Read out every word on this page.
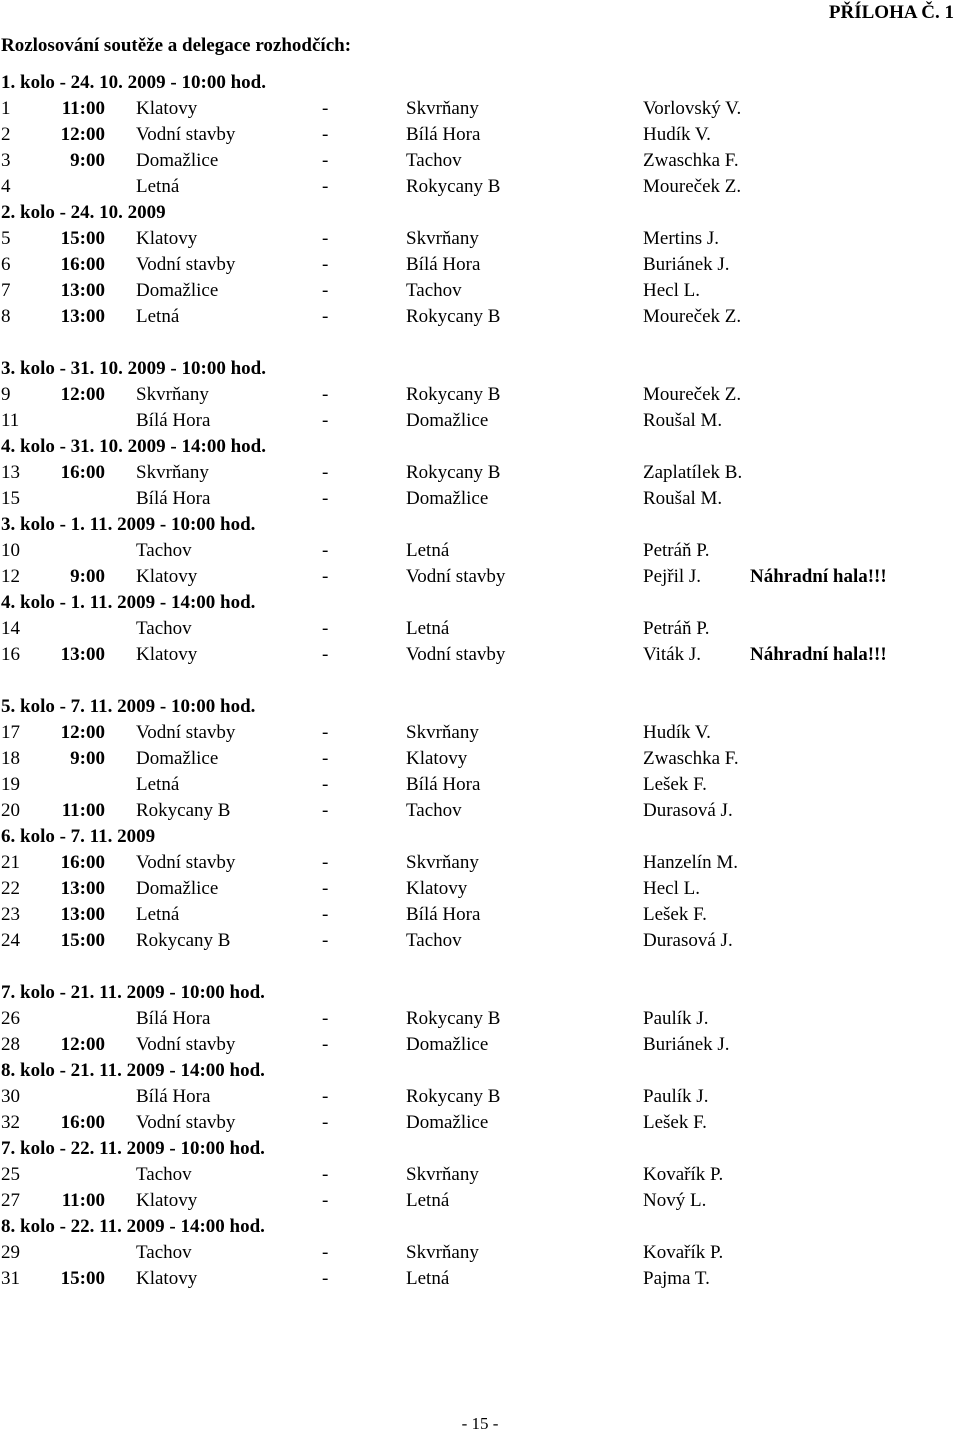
PŘÍLOHA Č. 1
Rozlosování soutěže a delegace rozhodčích:
1. kolo - 24. 10. 2009 - 10:00 hod.
1	11:00 Klatovy	-	Skvrňany	Vorlovský V.
2	12:00 Vodní stavby	-	Bílá Hora	Hudík V.
3	9:00 Domažlice	-	Tachov	Zwaschka F.
4	Letná	-	Rokycany B	Moureček Z.
2. kolo - 24. 10. 2009
5	15:00 Klatovy	-	Skvrňany	Mertins J.
6	16:00 Vodní stavby	-	Bílá Hora	Buriánek J.
7	13:00 Domažlice	-	Tachov	Hecl L.
8	13:00 Letná	-	Rokycany B	Moureček Z.
3. kolo - 31. 10. 2009 - 10:00 hod.
9	12:00 Skvrňany	-	Rokycany B	Moureček Z.
11	Bílá Hora	-	Domažlice	Roušal M.
4. kolo - 31. 10. 2009 - 14:00 hod.
13	16:00 Skvrňany	-	Rokycany B	Zaplatílek B.
15	Bílá Hora	-	Domažlice	Roušal M.
3. kolo - 1. 11. 2009 - 10:00 hod.
10	Tachov	-	Letná	Petráň P.
12	9:00 Klatovy	-	Vodní stavby	Pejřil J.	Náhradní hala!!!
4. kolo - 1. 11. 2009 - 14:00 hod.
14	Tachov	-	Letná	Petráň P.
16	13:00 Klatovy	-	Vodní stavby	Viták J.	Náhradní hala!!!
5. kolo - 7. 11. 2009 - 10:00 hod.
17	12:00 Vodní stavby	-	Skvrňany	Hudík V.
18	9:00 Domažlice	-	Klatovy	Zwaschka F.
19	Letná	-	Bílá Hora	Lešek F.
20	11:00 Rokycany B	-	Tachov	Durasová J.
6. kolo - 7. 11. 2009
21	16:00 Vodní stavby	-	Skvrňany	Hanzelín M.
22	13:00 Domažlice	-	Klatovy	Hecl L.
23	13:00 Letná	-	Bílá Hora	Lešek F.
24	15:00 Rokycany B	-	Tachov	Durasová J.
7. kolo - 21. 11. 2009 - 10:00 hod.
26	Bílá Hora	-	Rokycany B	Paulík J.
28	12:00 Vodní stavby	-	Domažlice	Buriánek J.
8. kolo - 21. 11. 2009 - 14:00 hod.
30	Bílá Hora	-	Rokycany B	Paulík J.
32	16:00 Vodní stavby	-	Domažlice	Lešek F.
7. kolo - 22. 11. 2009 - 10:00 hod.
25	Tachov	-	Skvrňany	Kovařík P.
27	11:00 Klatovy	-	Letná	Nový L.
8. kolo - 22. 11. 2009 - 14:00 hod.
29	Tachov	-	Skvrňany	Kovařík P.
31	15:00 Klatovy	-	Letná	Pajma T.
- 15 -
